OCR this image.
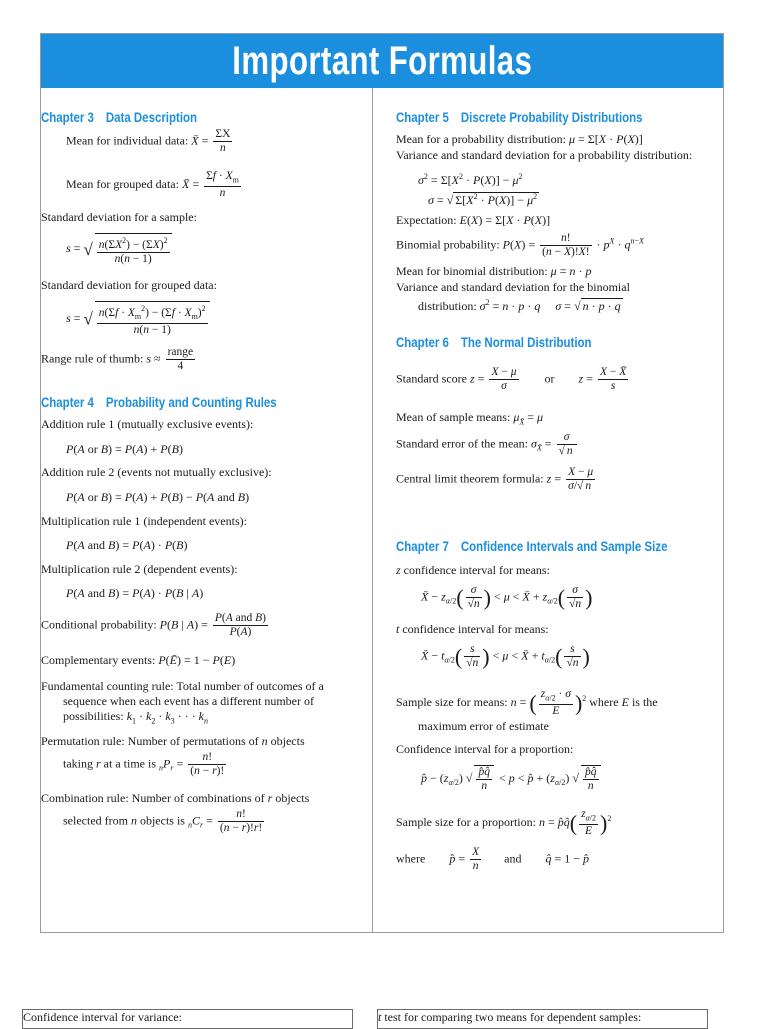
Important Formulas
Chapter 3 Data Description
Mean for individual data: X̄ = $\frac{\Sigma X}{n}$
Mean for grouped data: X̄ = $\frac{\Sigma f \cdot X_m}{n}$
Standard deviation for a sample:
s = √ $\frac{n(\Sigma X^2) - (\Sigma X)^2}{n(n - 1)}$
Standard deviation for grouped data:
s = √ $\frac{n(\Sigma f \cdot X_m^2) - (\Sigma f \cdot X_m)^2}{n(n - 1)}$
Range rule of thumb: $s \approx \frac{\text{range}}{4}$
Chapter 4 Probability and Counting Rules
Addition rule 1 (mutually exclusive events):
P(A or B) = P(A) + P(B)
Addition rule 2 (events not mutually exclusive):
P(A or B) = P(A) + P(B) − P(A and B)
Multiplication rule 1 (independent events):
P(A and B) = P(A) · P(B)
Multiplication rule 2 (dependent events):
P(A and B) = P(A) · P(B | A)
Conditional probability: P(B | $A) = \frac{\text{P(A and B)}}{P(A)}$
Complementary events: P(Ē) = 1 − P(E)
Fundamental counting rule: Total number of outcomes of a
sequence when each event has a different number of
possibilities: $k_1 \cdot k_2 \cdot k_3$ · · · $k_n$
Permutation rule: Number of permutations of n objects
taking r at a time is $_nP_r = \frac{n!}{(n - r)!}$
Combination rule: Number of combinations of r objects
selected from n objects is $_nC_r = \frac{n!}{(n - r)!r!}$
Chapter 5 Discrete Probability Distributions
Mean for a probability distribution: μ = Σ[X · P(X)]
Variance and standard deviation for a probability distribution:
$\sigma^2 = \Sigma[X^2 \cdot P(X)] - \mu^2$
σ = √ $\Sigma[X^2 \cdot P(X)] - \mu^2$
Expectation: E(X) = Σ[X · P(X)]
Binomial probability: $P(X) = \frac{n!}{(n - X)!X!} \cdot p^X \cdot q^{n-X}$
Mean for binomial distribution: μ = n · p
Variance and standard deviation for the binomial
distribution: $\sigma^2 = n \cdot p \cdot q$ σ = √ n · p · q
Chapter 6 The Normal Distribution
Standard score $z = \frac{X - \mu}{\sigma}$ or $z = \frac{X - X̄}{s}$
Mean of sample means: $\mu_{X̄} = \mu$
Standard error of the mean: $\sigma_{X̄} = \frac{\sigma}{√ n}$
Central limit theorem formula: $z = \frac{X - \mu}{\sigma/√ n}$
Chapter 7 Confidence Intervals and Sample Size
z confidence interval for means:
X̄ − $z_{\alpha/2}( \frac{\sigma}{√n}$ ) < μ < X̄ + $z_{\alpha/2}( \frac{\sigma}{√n}$ )
t confidence interval for means:
X̄ − $t_{\alpha/2}( \frac{s}{√n}$ ) < μ < X̄ + $t_{\alpha/2}( \frac{s}{√n}$ )
Sample size for means: n = ( $\frac{z_{\alpha/2} \cdot \sigma}{E} )^2$ where E is the
maximum error of estimate
Confidence interval for a proportion:
p̂ − $(z_{\alpha/2})$ √ $\frac{p̂q̂}{n} < p$ < p̂ + $(z_{\alpha/2})$ √ $\frac{p̂q̂}{n}$
Sample size for a proportion: n = p̂q̂( $\frac{z_{\alpha/2}}{E} )^2$
where p̂ = $\frac{X}{n}$ and q̂ = 1 − p̂
Confidence interval for variance:	t test for comparing two means for dependent samples:
